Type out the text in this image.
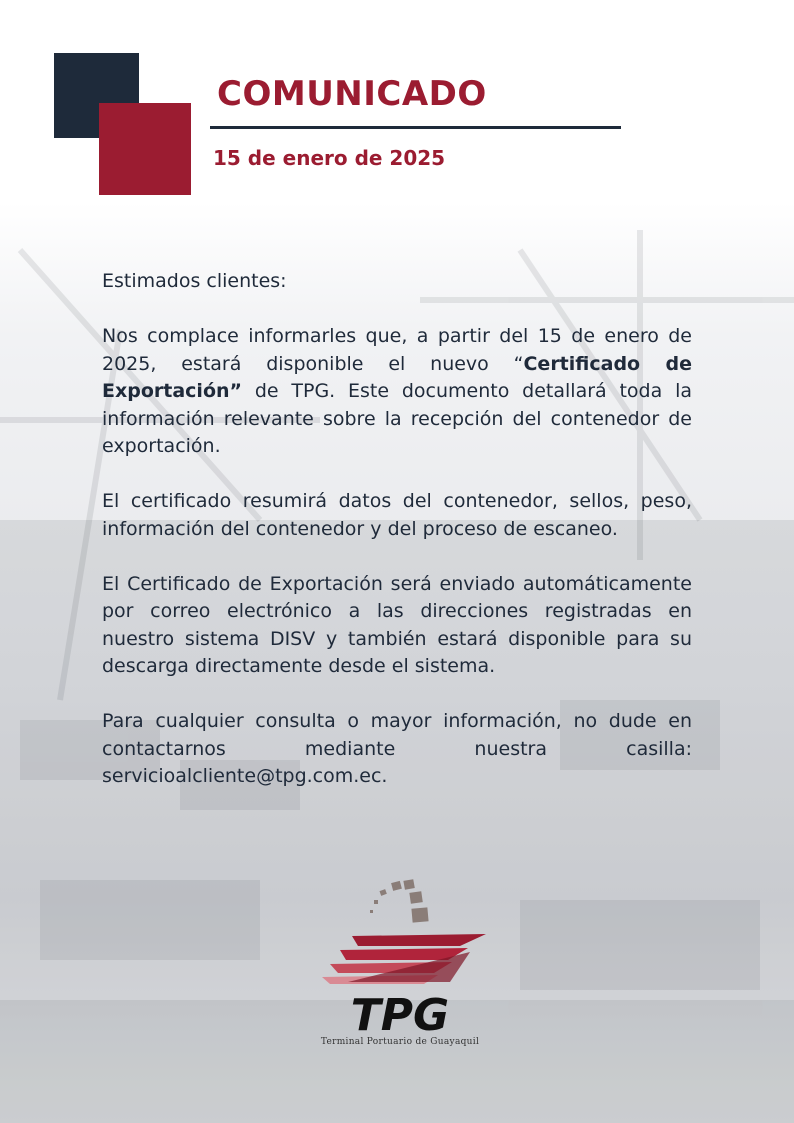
COMUNICADO

15 de enero de 2025

Estimados clientes:

Nos complace informarles que, a partir del 15 de enero de 2025, estará disponible el nuevo “Certificado de Exportación” de TPG. Este documento detallará toda la información relevante sobre la recepción del contenedor de exportación.

El certificado resumirá datos del contenedor, sellos, peso, información del contenedor y del proceso de escaneo.

El Certificado de Exportación será enviado automáticamente por correo electrónico a las direcciones registradas en nuestro sistema DISV y también estará disponible para su descarga directamente desde el sistema.

Para cualquier consulta o mayor información, no dude en contactarnos mediante nuestra casilla: servicioalcliente@tpg.com.ec.

TPG
Terminal Portuario de Guayaquil
